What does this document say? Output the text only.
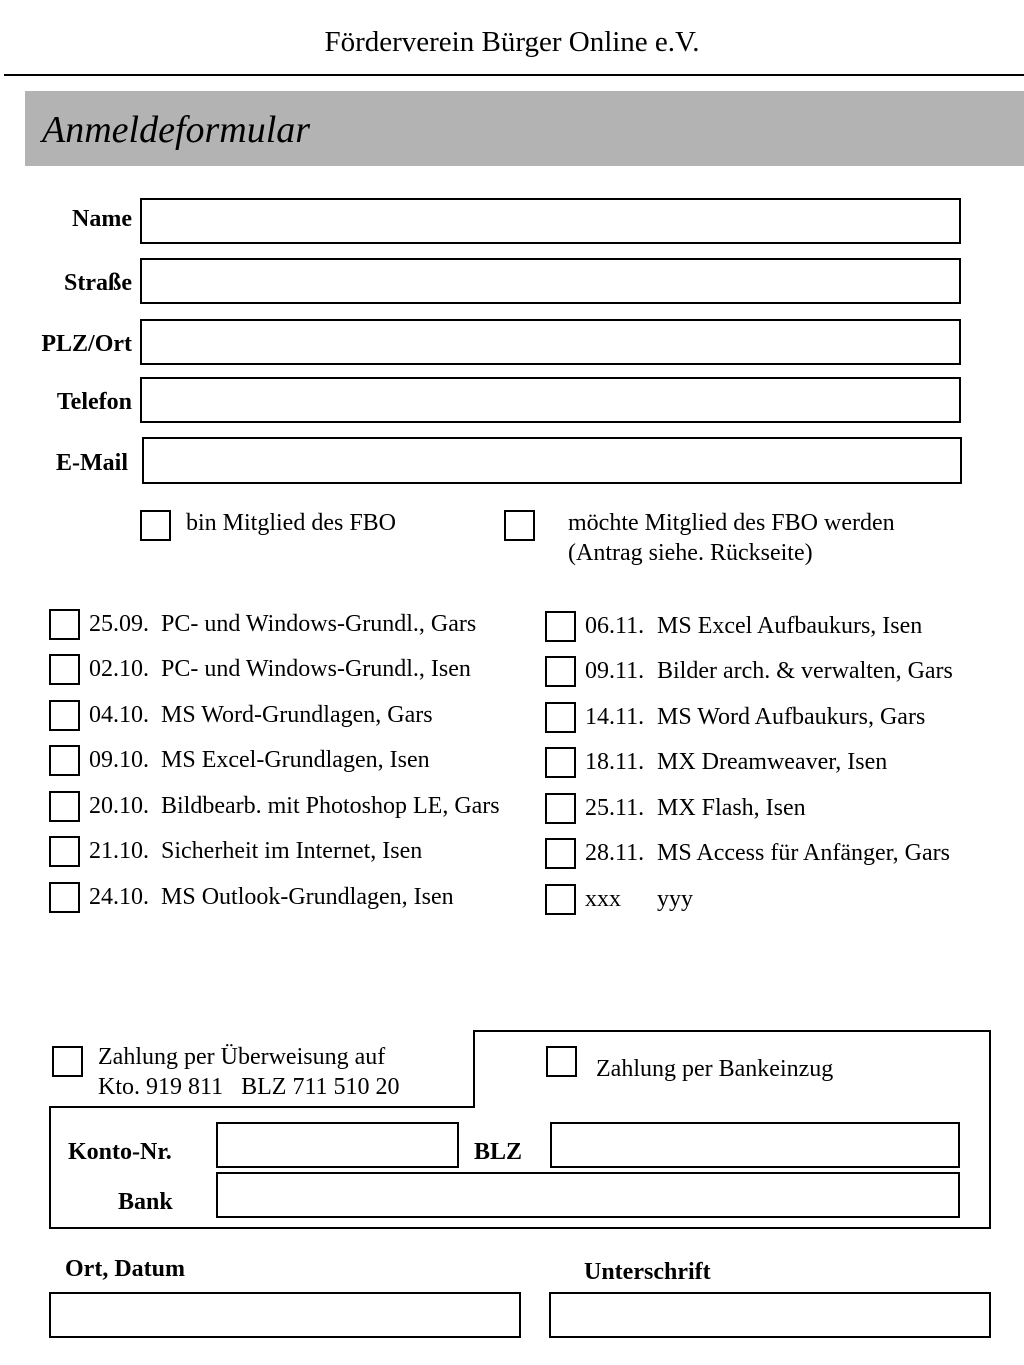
Förderverein Bürger Online e.V.
Anmeldeformular
Name
Straße
PLZ/Ort
Telefon
E-Mail
bin Mitglied des FBO	möchte Mitglied des FBO werden
(Antrag siehe. Rückseite)
25.09. PC- und Windows-Grundl., Gars
02.10. PC- und Windows-Grundl., Isen
04.10. MS Word-Grundlagen, Gars
09.10. MS Excel-Grundlagen, Isen
20.10. Bildbearb. mit Photoshop LE, Gars
21.10. Sicherheit im Internet, Isen
24.10. MS Outlook-Grundlagen, Isen
06.11. MS Excel Aufbaukurs, Isen
09.11. Bilder arch. & verwalten, Gars
14.11. MS Word Aufbaukurs, Gars
18.11. MX Dreamweaver, Isen
25.11. MX Flash, Isen
28.11. MS Access für Anfänger, Gars
xxx yyy
Zahlung per Überweisung auf
Kto. 919 811   BLZ 711 510 20
Zahlung per Bankeinzug
Konto-Nr.	BLZ
Bank
Ort, Datum	Unterschrift
